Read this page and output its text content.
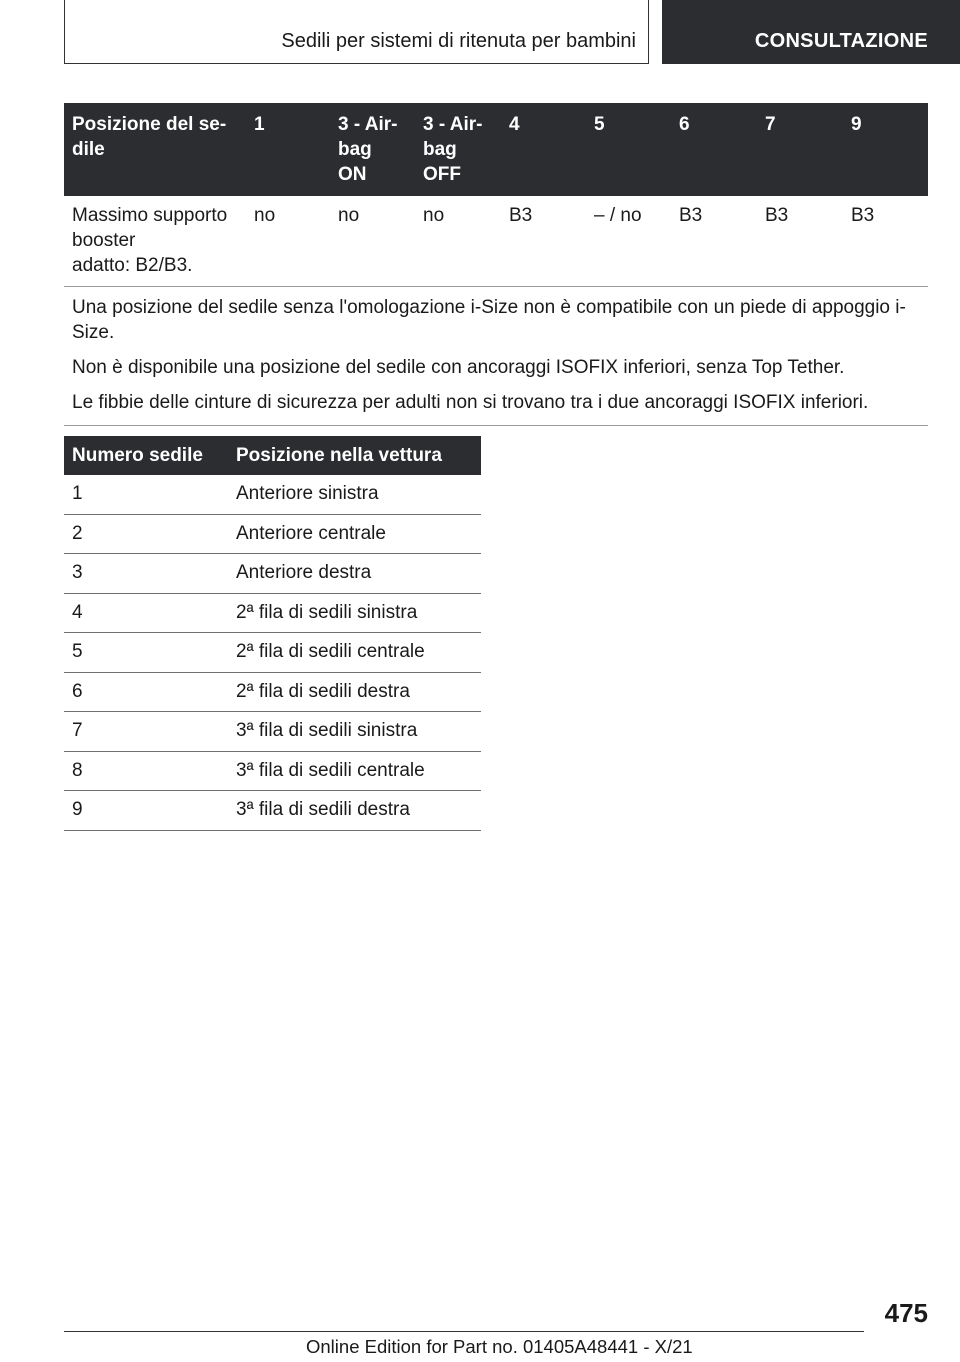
Sedili per sistemi di ritenuta per bambini	CONSULTAZIONE
Posizione del se-
dile	1	3 - Air-
bag
ON	3 - Air-
bag
OFF	4	5	6	7	9
Massimo supporto
booster
adatto: B2/B3.	no	no	no	B3	– / no	B3	B3	B3

Una posizione del sedile senza l'omologazione i-Size non è compatibile con un piede di appoggio i-Size.

Non è disponibile una posizione del sedile con ancoraggi ISOFIX inferiori, senza Top Tether.

Le fibbie delle cinture di sicurezza per adulti non si trovano tra i due ancoraggi ISOFIX inferiori.								

Numero sedile	Posizione nella vettura
1	Anteriore sinistra
2	Anteriore centrale
3	Anteriore destra
4	2ª fila di sedili sinistra
5	2ª fila di sedili centrale
6	2ª fila di sedili destra
7	3ª fila di sedili sinistra
8	3ª fila di sedili centrale
9	3ª fila di sedili destra
475
Online Edition for Part no. 01405A48441 - X/21
